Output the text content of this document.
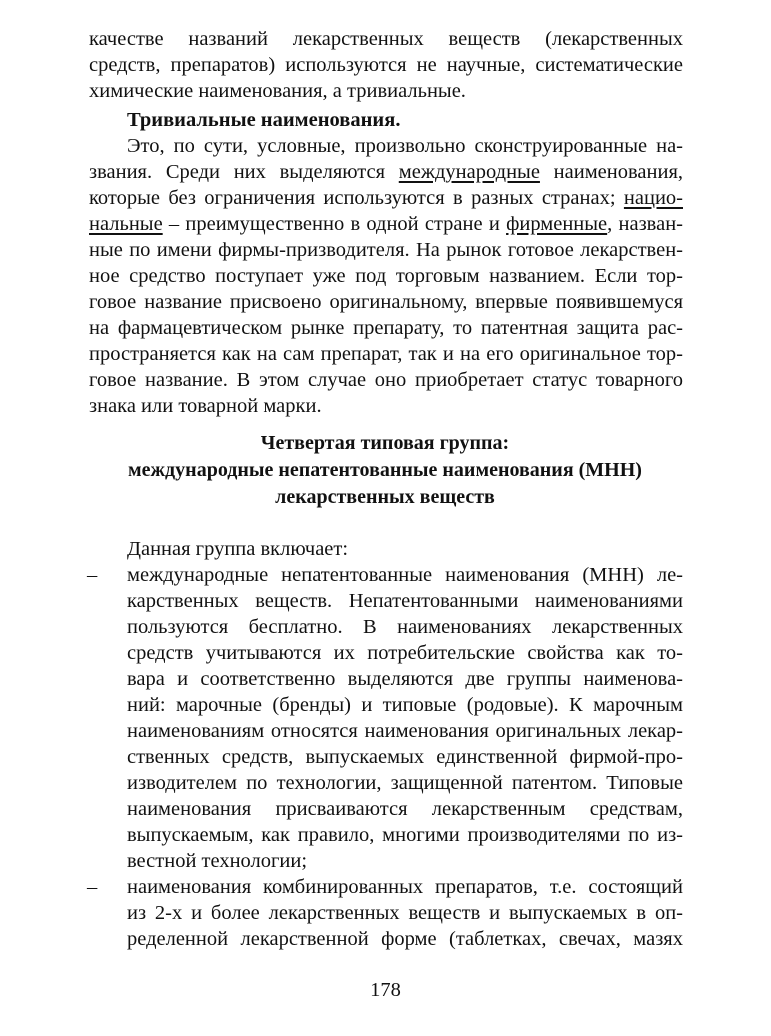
качестве названий лекарственных веществ (лекарственных
средств, препаратов) используются не научные, систематические
химические наименования, а тривиальные.
Тривиальные наименования.
Это, по сути, условные, произвольно сконструированные на-
звания. Среди них выделяются международные наименования,
которые без ограничения используются в разных странах; нацио-
нальные – преимущественно в одной стране и фирменные, назван-
ные по имени фирмы-призводителя. На рынок готовое лекарствен-
ное средство поступает уже под торговым названием. Если тор-
говое название присвоено оригинальному, впервые появившемуся
на фармацевтическом рынке препарату, то патентная защита рас-
пространяется как на сам препарат, так и на его оригинальное тор-
говое название. В этом случае оно приобретает статус товарного
знака или товарной марки.
Четвертая типовая группа:
международные непатентованные наименования (МНН)
лекарственных веществ
Данная группа включает:
– международные непатентованные наименования (МНН) ле-
карственных веществ. Непатентованными наименованиями
пользуются бесплатно. В наименованиях лекарственных
средств учитываются их потребительские свойства как то-
вара и соответственно выделяются две группы наименова-
ний: марочные (бренды) и типовые (родовые). К марочным
наименованиям относятся наименования оригинальных лекар-
ственных средств, выпускаемых единственной фирмой-про-
изводителем по технологии, защищенной патентом. Типовые
наименования присваиваются лекарственным средствам,
выпускаемым, как правило, многими производителями по из-
вестной технологии;
– наименования комбинированных препаратов, т.е. состоящий
из 2-х и более лекарственных веществ и выпускаемых в оп-
ределенной лекарственной форме (таблетках, свечах, мазях
178
